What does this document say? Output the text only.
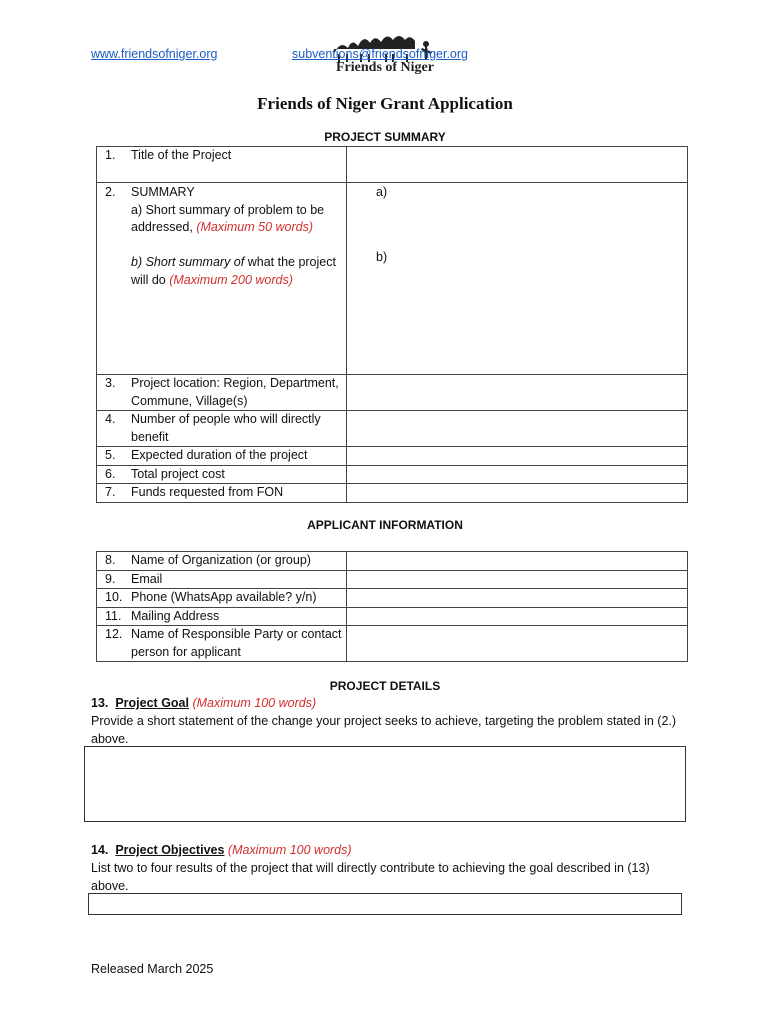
www.friendsofniger.org
Friends of Niger
subventions@friendsofniger.org
Friends of Niger Grant Application
PROJECT SUMMARY
1. Title of the Project	

2. SUMMARY
a) Short summary of problem to be addressed, (Maximum 50 words)

b) Short summary of what the project will do (Maximum 200 words)	a)
b)

3. Project location: Region, Department, Commune, Village(s)	

4. Number of people who will directly benefit	

5. Expected duration of the project	

6. Total project cost	

7. Funds requested from FON	

APPLICANT INFORMATION
8. Name of Organization (or group)	

9. Email	

10. Phone (WhatsApp available? y/n)	

11. Mailing Address	

12. Name of Responsible Party or contact person for applicant	

PROJECT DETAILS
13. Project Goal (Maximum 100 words)
Provide a short statement of the change your project seeks to achieve, targeting the problem stated in (2.) above.
14. Project Objectives (Maximum 100 words)
List two to four results of the project that will directly contribute to achieving the goal described in (13) above.
Released March 2025
